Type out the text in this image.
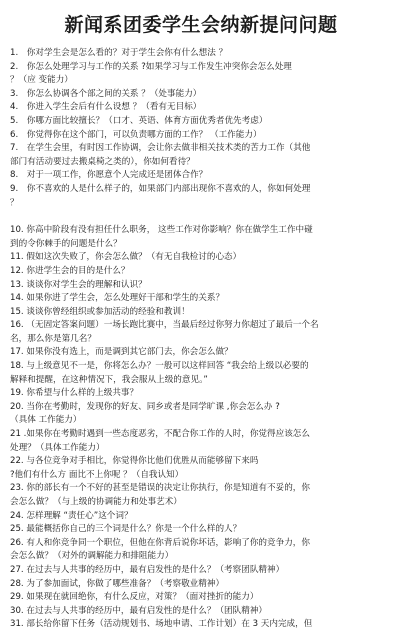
新闻系团委学生会纳新提问问题
1.　你对学生会是怎么看的？对于学生会你有什么想法 ？
2.　你怎么处理学习与工作的关系 ?如果学习与工作发生冲突你会怎么处理
？（应 变能力）
3.　你怎么协调各个部之间的关系 ？（处事能力）
4.　你进入学生会后有什么设想 ？（看有无目标）
5.　你哪方面比较擅长？（口才、英语、体育方面优秀者优先考虑）
6.　你觉得你在这个部门，可以负责哪方面的工作？ （工作能力）
7.　在学生会里，有时因工作协调，会让你去做非相关技术类的苦力工作（其他
部门有活动要过去搬桌椅之类的），你如何看待？
8.　对于一项工作，你愿意个人完成还是团体合作？
9.　你不喜欢的人是什么样子的，如果部门内部出现你不喜欢的人，你如何处理
？
10. 你高中阶段有没有担任什么职务， 这些工作对你影响？你在做学生工作中碰
到的令你棘手的问题是什么？
11. 假如这次失败了，你会怎么做？（有无自我检讨的心态）
12. 你进学生会的目的是什么？
13. 谈谈你对学生会的理解和认识？
14. 如果你进了学生会，怎么处理好干部和学生的关系？
15. 谈谈你曾经组织或参加活动的经验和教训！
16. （无固定答案问题）一场长跑比赛中，当最后经过你努力你超过了最后一个名
名，那么你是第几名？
17. 如果你没有选上，而是调到其它部门去，你会怎么做？
18. 与上级意见不一是，你将怎么办？一般可以这样回答 “我会给上级以必要的
解释和提醒，在这种情况下，我会服从上级的意见。”
19. 你希望与什么样的上级共事？
20. 当你在考勤时，发现你的好友、同乡或者是同学旷课 ,你会怎么办 ?
（具体 工作能力）
21 .如果你在考勤时遇到一些态度恶劣，不配合你工作的人时，你觉得应该怎么
处理？（具体工作能力）
22. 与各位竞争对手相比，你觉得你比他们优胜从而能够留下来吗
?他们有什么方 面比不上你呢 ？（自我认知）
23. 你的部长有一个不好的甚至是错误的决定让你执行，你是知道有不妥的，你
会怎么做？（与上级的协调能力和处事艺术）
24. 怎样理解 “责任心”这个词？
25. 最能概括你自己的三个词是什么？你是一个什么样的人？
26. 有人和你竞争同一个职位，但他在你背后说你坏话，影响了你的竞争力，你
会怎么做？（对外的调解能力和排阻能力）
27. 在过去与人共事的经历中，最有启发性的是什么？（考察团队精神）
28. 为了参加面试，你做了哪些准备？（考察敬业精神）
29. 如果现在就回绝你，有什么反应，对策？（面对挫折的能力）
30. 在过去与人共事的经历中，最有启发性的是什么？（团队精神）
31. 部长给你留下任务（活动规划书、场地申请、工作计划）在 3 天内完成，但
